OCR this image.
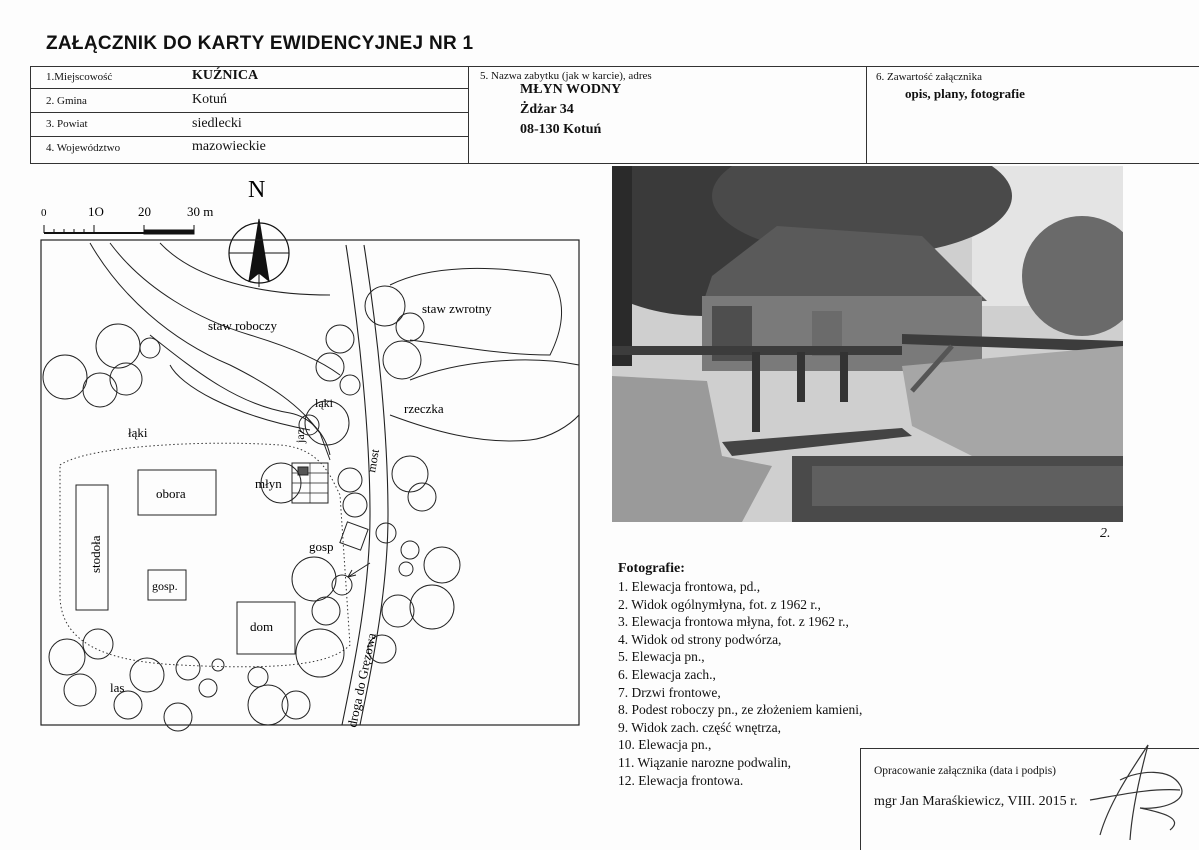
ZAŁĄCZNIK DO KARTY EWIDENCYJNEJ NR 1
1.Miejscowość	KUŹNICA
2. Gmina	Kotuń
3. Powiat	siedlecki
4. Województwo	mazowieckie
5. Nazwa zabytku (jak w karcie), adres
MŁYN WODNY
Żdżar 34
08-130 Kotuń
6. Zawartość załącznika
opis, plany, fotografie
N
0	1O	20	30 m
staw roboczy
staw zwrotny
łąki	rzeczka
jaz
most
łąki
obora
młyn
stodoła
gosp.
gosp
dom
las	droga do Gręzowa
2.
Fotografie:
1. Elewacja frontowa, pd.,
2. Widok ogólnymłyna, fot. z 1962 r.,
3. Elewacja frontowa młyna, fot. z 1962 r.,
4. Widok od strony podwórza,
5. Elewacja pn.,
6. Elewacja zach.,
7. Drzwi frontowe,
8. Podest roboczy pn., ze złożeniem kamieni,
9. Widok zach. część wnętrza,
10. Elewacja pn.,
11. Wiązanie narozne podwalin,
12. Elewacja frontowa.
Opracowanie załącznika (data i podpis)
mgr Jan Maraśkiewicz, VIII. 2015 r.
